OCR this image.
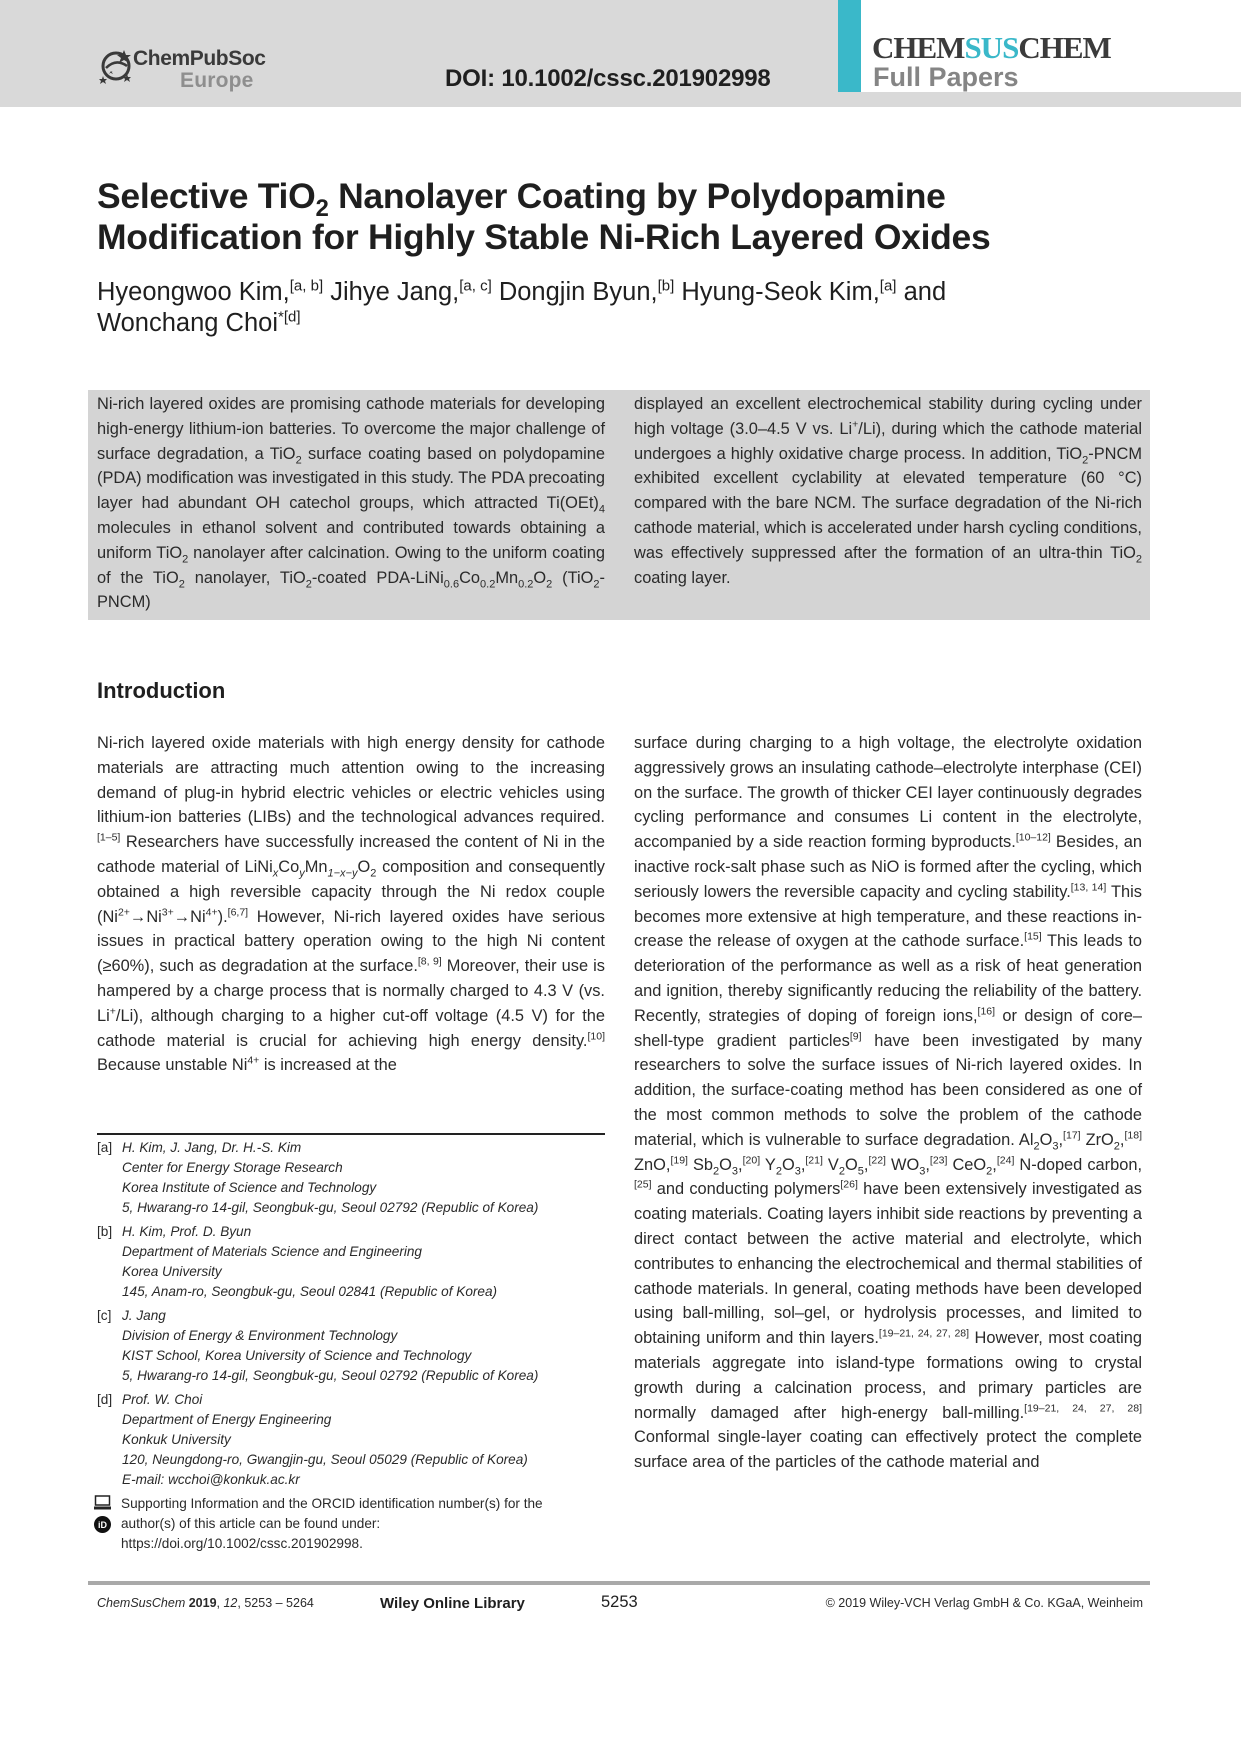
ChemPubSoc
Europe	DOI: 10.1002/cssc.201902998
CHEMSUSCHEM
Full Papers
Selective TiO$_2$ Nanolayer Coating by Polydopamine
Modification for Highly Stable Ni-Rich Layered Oxides

Hyeongwoo Kim,[a, b] Jihye Jang,[a, c] Dongjin Byun,[b] Hyung-Seok Kim,[a] and
Wonchang Choi$^{*[d]}$

Ni-rich layered oxides are promising cathode materials for developing high-energy lithium-ion batteries. To overcome the major challenge of surface degradation, a TiO$_2$ surface coating based on polydopamine (PDA) modification was investigated in this study. The PDA precoating layer had abundant OH catechol groups, which attracted $Ti(OEt)_4$ molecules in ethanol solvent and contributed towards obtaining a uniform TiO$_2$ nanolayer after calcination. Owing to the uniform coating of the TiO$_2$ nanolayer, TiO$_2$-coated PDA-$LiNi_{0.6}Co_{0.2}Mn_{0.2}O_2$ (TiO$_2$-PNCM)

displayed an excellent electrochemical stability during cycling under high voltage (3.0–4.5 V vs. Li+/Li), during which the cathode material undergoes a highly oxidative charge process. In addition, TiO$_2$-PNCM exhibited excellent cyclability at elevated temperature (60 °C) compared with the bare NCM. The surface degradation of the Ni-rich cathode material, which is accelerated under harsh cycling conditions, was effectively suppressed after the formation of an ultra-thin TiO$_2$ coating layer.

Introduction

Ni-rich layered oxide materials with high energy density for cathode materials are attracting much attention owing to the increasing demand of plug-in hybrid electric vehicles or electric vehicles using lithium-ion batteries (LIBs) and the technological advances required.[1–5] Researchers have successfully increased the content of Ni in the cathode material of $LiNi_xCo_yMn_{1-x-y}O_2$ composition and consequently obtained a high reversible capacity through the Ni redox couple $(Ni^{2+}\to Ni^{3+}\to Ni^{4+}).[6,7]$ However, Ni-rich layered oxides have serious issues in practical battery operation owing to the high Ni content (≥60%), such as degradation at the surface.[8, 9] Moreover, their use is hampered by a charge process that is normally charged to 4.3 V (vs. Li+/Li), although charging to a higher cut-off voltage (4.5 V) for the cathode material is crucial for achieving high energy density.[10] Because unstable $Ni^{4+}$ is increased at the

surface during charging to a high voltage, the electrolyte oxidation aggressively grows an insulating cathode–electrolyte interphase (CEI) on the surface. The growth of thicker CEI layer continuously degrades cycling performance and consumes Li content in the electrolyte, accompanied by a side reaction forming byproducts.[10–12] Besides, an inactive rock-salt phase such as NiO is formed after the cycling, which seriously lowers the reversible capacity and cycling stability.[13, 14] This becomes more extensive at high temperature, and these reactions increase the release of oxygen at the cathode surface.[15] This leads to deterioration of the performance as well as a risk of heat generation and ignition, thereby significantly reducing the reliability of the battery. Recently, strategies of doping of foreign ions,[16] or design of core–shell-type gradient particles[9] have been investigated by many researchers to solve the surface issues of Ni-rich layered oxides. In addition, the surface-coating method has been considered as one of the most common methods to solve the problem of the cathode material, which is vulnerable to surface degradation. $Al_2O_3,[17]$ ZrO$_2$,[18] ZnO,[19] $Sb_2O_3,[20]$ $Y_2O_3,[21]$ $V_2O_5,[22]$ $WO_3,[23]$ CeO$_2$,[24] N-doped carbon,[25] and conducting polymers[26] have been extensively investigated as coating materials. Coating layers inhibit side reactions by preventing a direct contact between the active material and electrolyte, which contributes to enhancing the electrochemical and thermal stabilities of cathode materials. In general, coating methods have been developed using ball-milling, sol–gel, or hydrolysis processes, and limited to obtaining uniform and thin layers.[19–21, 24, 27, 28] However, most coating materials aggregate into island-type formations owing to crystal growth during a calcination process, and primary particles are normally damaged after high-energy ball-milling.[19–21, 24, 27, 28] Conformal single-layer coating can effectively protect the complete surface area of the particles of the cathode material and

[a] H. Kim, J. Jang, Dr. H.-S. Kim
Center for Energy Storage Research
Korea Institute of Science and Technology
5, Hwarang-ro 14-gil, Seongbuk-gu, Seoul 02792 (Republic of Korea)
[b] H. Kim, Prof. D. Byun
Department of Materials Science and Engineering
Korea University
145, Anam-ro, Seongbuk-gu, Seoul 02841 (Republic of Korea)
[c] J. Jang
Division of Energy & Environment Technology
KIST School, Korea University of Science and Technology
5, Hwarang-ro 14-gil, Seongbuk-gu, Seoul 02792 (Republic of Korea)
[d] Prof. W. Choi
Department of Energy Engineering
Konkuk University
120, Neungdong-ro, Gwangjin-gu, Seoul 05029 (Republic of Korea)
E-mail: wcchoi@konkuk.ac.kr
iD
Supporting Information and the ORCID identification number(s) for the
author(s) of this article can be found under:
https://doi.org/10.1002/cssc.201902998.
ChemSusChem 2019, 12, 5253 – 5264	Wiley Online Library	5253	© 2019 Wiley-VCH Verlag GmbH & Co. KGaA, Weinheim
